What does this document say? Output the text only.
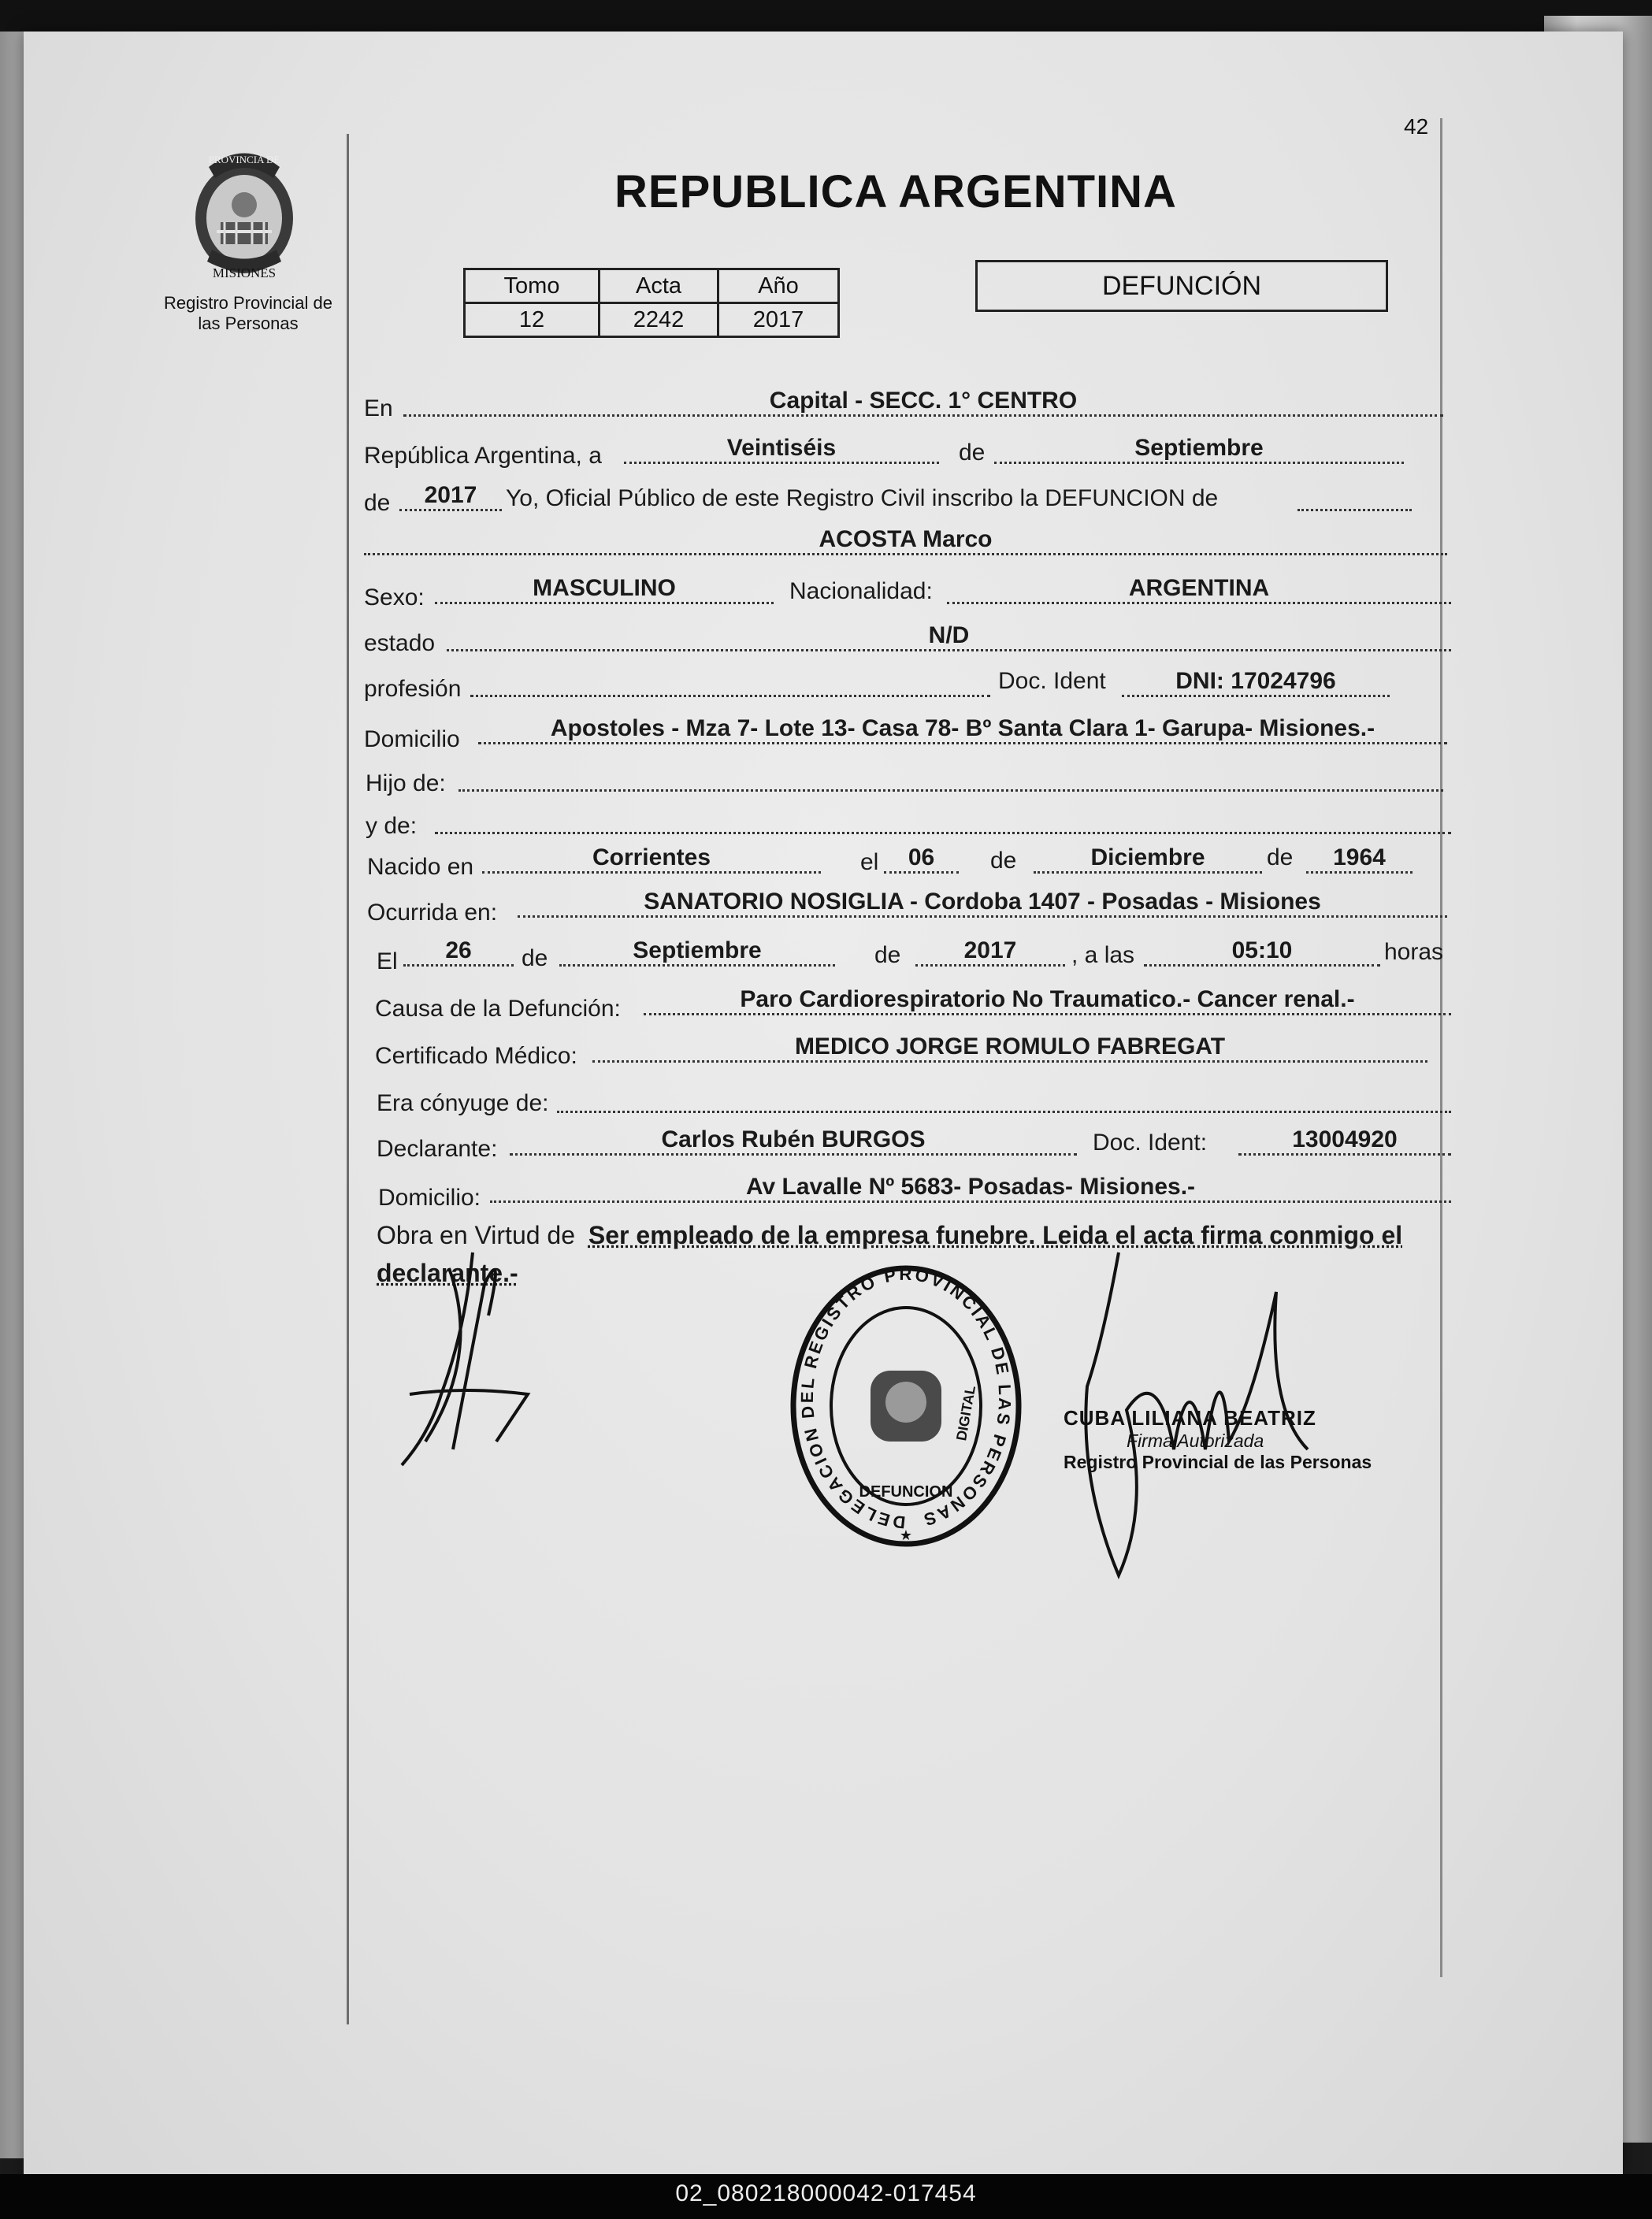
42
PROVINCIA DE
MISIONES
Registro Provincial de las Personas
REPUBLICA ARGENTINA
Tomo	Acta	Año
12	2242	2017
DEFUNCIÓN
En	Capital - SECC. 1° CENTRO
República Argentina, a	Veintiséis	de	Septiembre
de	2017	Yo, Oficial Público de este Registro Civil inscribo la DEFUNCION de
ACOSTA Marco
Sexo:	MASCULINO	Nacionalidad:	ARGENTINA
estado	N/D
profesión	Doc. Ident	DNI: 17024796
Domicilio	Apostoles - Mza 7- Lote 13- Casa 78- Bº Santa Clara 1- Garupa- Misiones.-
Hijo de:
y de:
Nacido en	Corrientes	el	06	de	Diciembre	de	1964
Ocurrida en:	SANATORIO NOSIGLIA - Cordoba 1407 - Posadas - Misiones
El	26	de	Septiembre	de	2017	, a las	05:10	horas
Causa de la Defunción:	Paro Cardiorespiratorio No Traumatico.- Cancer renal.-
Certificado Médico:	MEDICO JORGE ROMULO FABREGAT
Era cónyuge de:
Declarante:	Carlos Rubén BURGOS	Doc. Ident:	13004920
Domicilio:	Av Lavalle Nº 5683- Posadas- Misiones.-
Obra en Virtud de Ser empleado de la empresa funebre. Leida el acta firma conmigo el
declarante.-
DELEGACION DEL REGISTRO PROVINCIAL DE LAS PERSONAS
DEFUNCION
DIGITAL
★
CUBA LILIANA BEATRIZ
Firma Autorizada
Registro Provincial de las Personas
02_080218000042-017454
